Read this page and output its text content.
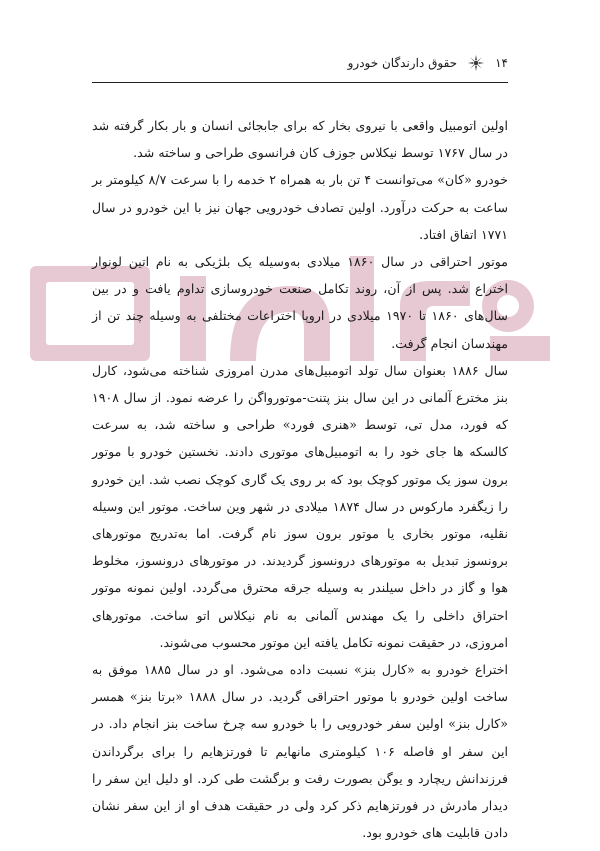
۱۴
حقوق دارندگان خودرو

اولین اتومبیل واقعی با نیروی بخار که برای جابجائی انسان و بار بکار گرفته شد در سال ۱۷۶۷ توسط نیکلاس جوزف کان فرانسوی طراحی و ساخته شد.

خودرو «کان» می‌توانست ۴ تن بار به همراه ۲ خدمه را با سرعت ۸/۷ کیلومتر بر ساعت به حرکت درآورد. اولین تصادف خودرویی جهان نیز با این خودرو در سال ۱۷۷۱ اتفاق افتاد.

موتور احتراقی در سال ۱۸۶۰ میلادی به‌وسیله یک بلژیکی به نام اتین لونوار اختراع شد. پس از آن، روند تکامل صنعت خودروسازی تداوم یافت و در بین سال‌های ۱۸۶۰ تا ۱۹۷۰ میلادی در اروپا اختراعات مختلفی به وسیله چند تن از مهندسان انجام گرفت.

سال ۱۸۸۶ بعنوان سال تولد اتومبیل‌های مدرن امروزی شناخته می‌شود، کارل بنز مخترع آلمانی در این سال بنز پتنت-موتورواگن را عرضه نمود. از سال ۱۹۰۸ که فورد، مدل تی، توسط «هنری فورد» طراحی و ساخته شد، به سرعت کالسکه ها جای خود را به اتومبیل‌های موتوری دادند. نخستین خودرو با موتور برون سوز یک موتور کوچک بود که بر روی یک گاری کوچک نصب شد. این خودرو را زیگفرد مارکوس در سال ۱۸۷۴ میلادی در شهر وین ساخت. موتور این وسیله نقلیه، موتور بخاری یا موتور برون سوز نام گرفت. اما به‌تدریج موتورهای برونسوز تبدیل به موتورهای درونسوز گردیدند. در موتورهای درونسوز، مخلوط هوا و گاز در داخل سیلندر به وسیله جرقه محترق می‌گردد. اولین نمونه موتور احتراق داخلی را یک مهندس آلمانی به نام نیکلاس اتو ساخت. موتورهای امروزی، در حقیقت نمونه تکامل یافته این موتور محسوب می‌شوند.

اختراع خودرو به «کارل بنز» نسبت داده می‌شود. او در سال ۱۸۸۵ موفق به ساخت اولین خودرو با موتور احتراقی گردید. در سال ۱۸۸۸ «برتا بنز» همسر «کارل بنز» اولین سفر خودرویی را با خودرو سه چرخ ساخت بنز انجام داد. در این سفر او فاصله ۱۰۶ کیلومتری مانهایم تا فورتزهایم را برای برگرداندن فرزندانش ریچارد و یوگن بصورت رفت و برگشت طی کرد. او دلیل این سفر را دیدار مادرش در فورتزهایم ذکر کرد ولی در حقیقت هدف او از این سفر نشان دادن قابلیت های خودرو بود.
